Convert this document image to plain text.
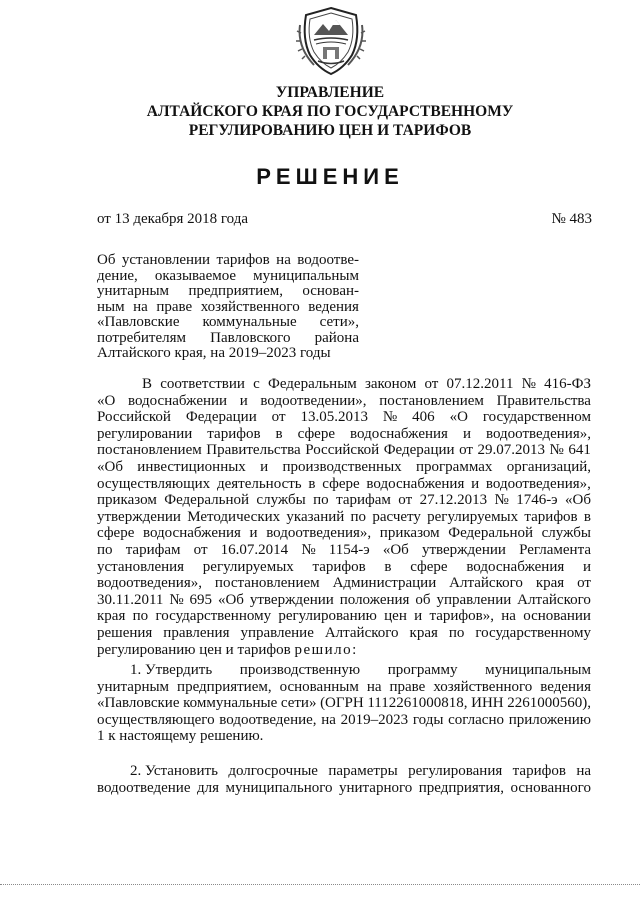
УПРАВЛЕНИЕ
АЛТАЙСКОГО КРАЯ ПО ГОСУДАРСТВЕННОМУ
РЕГУЛИРОВАНИЮ ЦЕН И ТАРИФОВ
РЕШЕНИЕ
от 13 декабря 2018 года	№ 483
Об установлении тарифов на водоотве-
дение, оказываемое муниципальным
унитарным предприятием, основан-
ным на праве хозяйственного ведения
«Павловские коммунальные сети»,
потребителям Павловского района
Алтайского края, на 2019–2023 годы
В соответствии с Федеральным законом от 07.12.2011 № 416-ФЗ
«О водоснабжении и водоотведении», постановлением Правительства
Российской Федерации от 13.05.2013 № 406 «О государственном
регулировании тарифов в сфере водоснабжения и водоотведения»,
постановлением Правительства Российской Федерации от 29.07.2013 № 641
«Об инвестиционных и производственных программах организаций,
осуществляющих деятельность в сфере водоснабжения и водоотведения»,
приказом Федеральной службы по тарифам от 27.12.2013 № 1746-э «Об
утверждении Методических указаний по расчету регулируемых тарифов в
сфере водоснабжения и водоотведения», приказом Федеральной службы
по тарифам от 16.07.2014 № 1154-э «Об утверждении Регламента
установления регулируемых тарифов в сфере водоснабжения и
водоотведения», постановлением Администрации Алтайского края от
30.11.2011 № 695 «Об утверждении положения об управлении Алтайского
края по государственному регулированию цен и тарифов», на основании
решения правления управление Алтайского края по государственному
регулированию цен и тарифов решило :
1. Утвердить производственную программу муниципальным
унитарным предприятием, основанным на праве хозяйственного ведения
«Павловские коммунальные сети» (ОГРН 1112261000818, ИНН 2261000560),
осуществляющего водоотведение, на 2019–2023 годы согласно приложению
1 к настоящему решению.
2. Установить долгосрочные параметры регулирования тарифов на
водоотведение для муниципального унитарного предприятия, основанного
